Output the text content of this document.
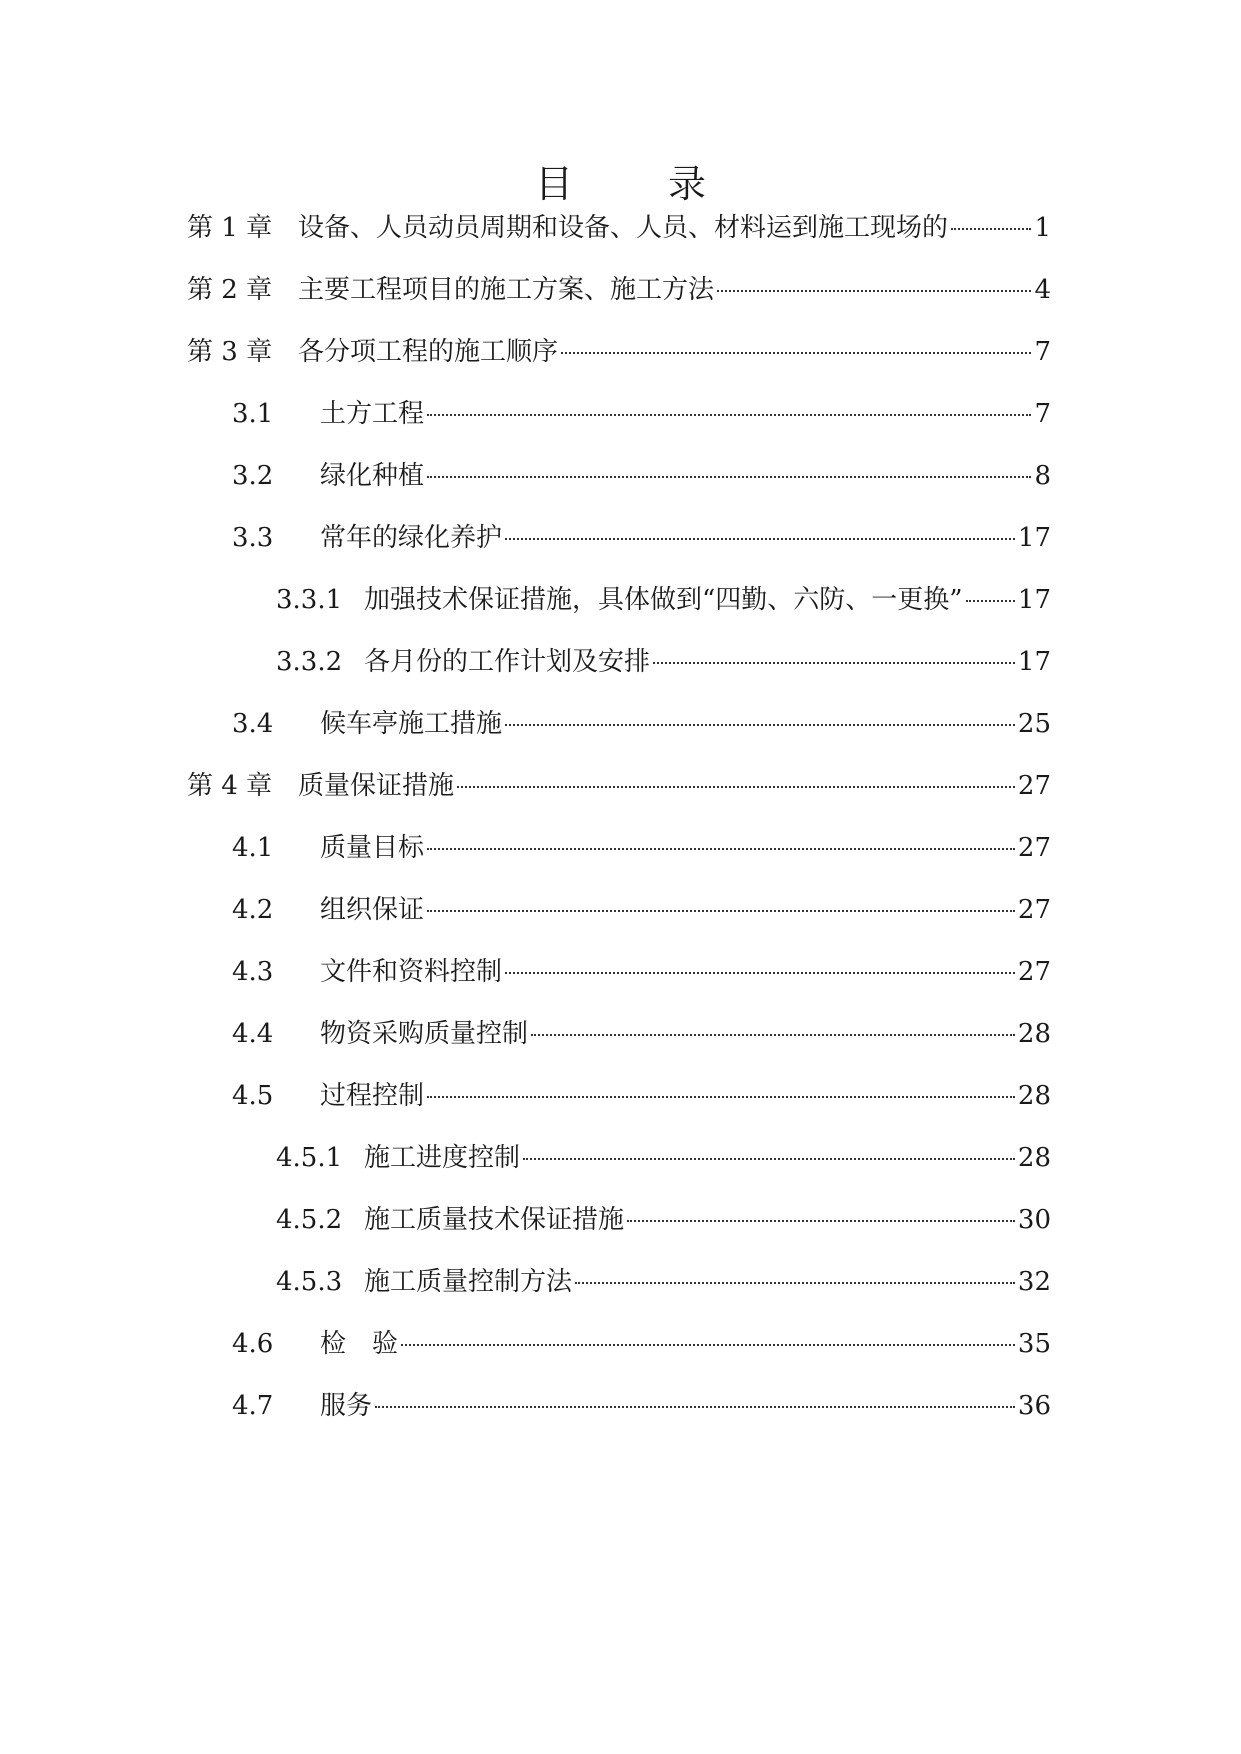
目	录
第 1 章 设备、人员动员周期和设备、人员、材料运到施工现场的	1
第 2 章 主要工程项目的施工方案、施工方法	4
第 3 章 各分项工程的施工顺序	7
3.1	土方工程	7
3.2	绿化种植	8
3.3	常年的绿化养护	17
3.3.1 加强技术保证措施，具体做到“四勤、六防、一更换” 17
3.3.2 各月份的工作计划及安排	17
3.4	候车亭施工措施	25
第 4 章 质量保证措施	27
4.1	质量目标	27
4.2	组织保证	27
4.3	文件和资料控制	27
4.4	物资采购质量控制	28
4.5	过程控制	28
4.5.1 施工进度控制	28
4.5.2 施工质量技术保证措施	30
4.5.3 施工质量控制方法	32
4.6	检　验	35
4.7	服务	36
